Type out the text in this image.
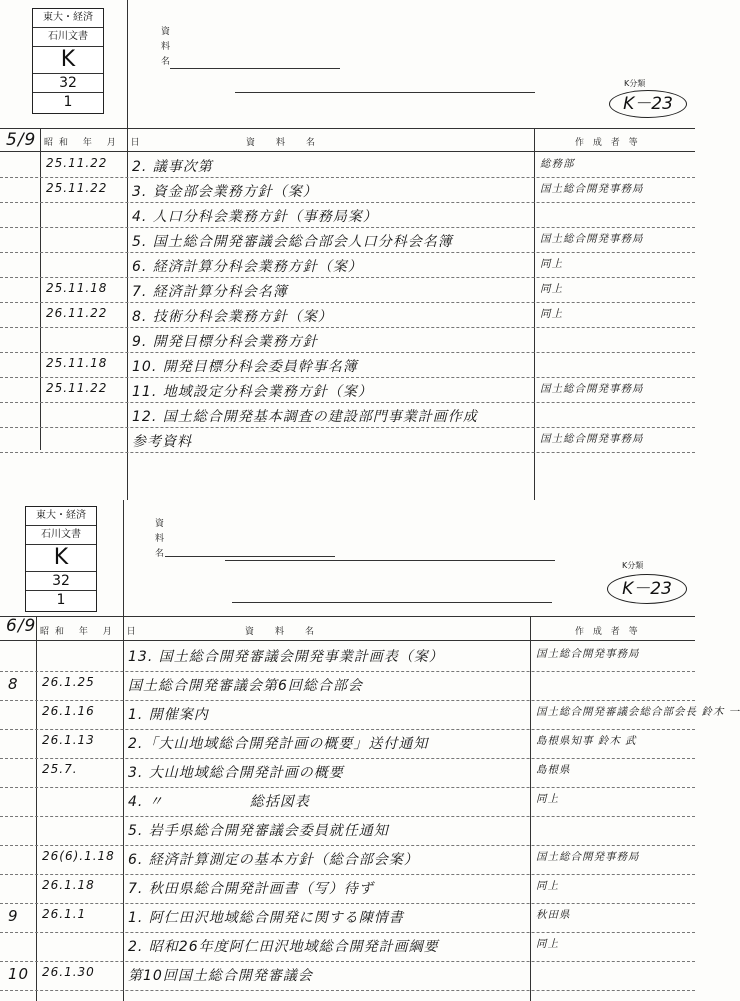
東大・経済
石川文書
K
32
1
資料名
K分類
K－23
5/9 昭和 年 月 日	資　料　名	作 成 者 等
25.11.22 2. 議事次第	総務部
25.11.22 3. 資金部会業務方針（案）	国土総合開発事務局
4. 人口分科会業務方針（事務局案）
5. 国土総合開発審議会総合部会人口分科会名簿	国土総合開発事務局
6. 経済計算分科会業務方針（案）	同上
25.11.18 7. 経済計算分科会名簿	同上
26.11.22 8. 技術分科会業務方針（案）	同上
9. 開発目標分科会業務方針
25.11.18 10. 開発目標分科会委員幹事名簿
25.11.22 11. 地域設定分科会業務方針（案）	国土総合開発事務局
12. 国土総合開発基本調査の建設部門事業計画作成
参考資料	国土総合開発事務局
東大・経済
石川文書
K
32
1
資料名
K分類
K－23
6/9 昭和 年 月 日	資　料　名	作 成 者 等
13. 国土総合開発審議会開発事業計画表（案）	国土総合開発事務局
8 26.1.25 国土総合開発審議会第6回総合部会
26.1.16 1. 開催案内	国土総合開発審議会総合部会長 鈴木 一
26.1.13 2.「大山地域総合開発計画の概要」送付通知	島根県知事 鈴木 武
25.7.	3. 大山地域総合開発計画の概要	島根県
4. 〃 　　　　　 総括図表	同上
5. 岩手県総合開発審議会委員就任通知
26(6).1.18 6. 経済計算測定の基本方針（総合部会案）	国土総合開発事務局
26.1.18 7. 秋田県総合開発計画書（写）待ず	同上
9 26.1.1	1. 阿仁田沢地域総合開発に関する陳情書	秋田県
2. 昭和26年度阿仁田沢地域総合開発計画綱要	同上
10 26.1.30 第10回国土総合開発審議会
